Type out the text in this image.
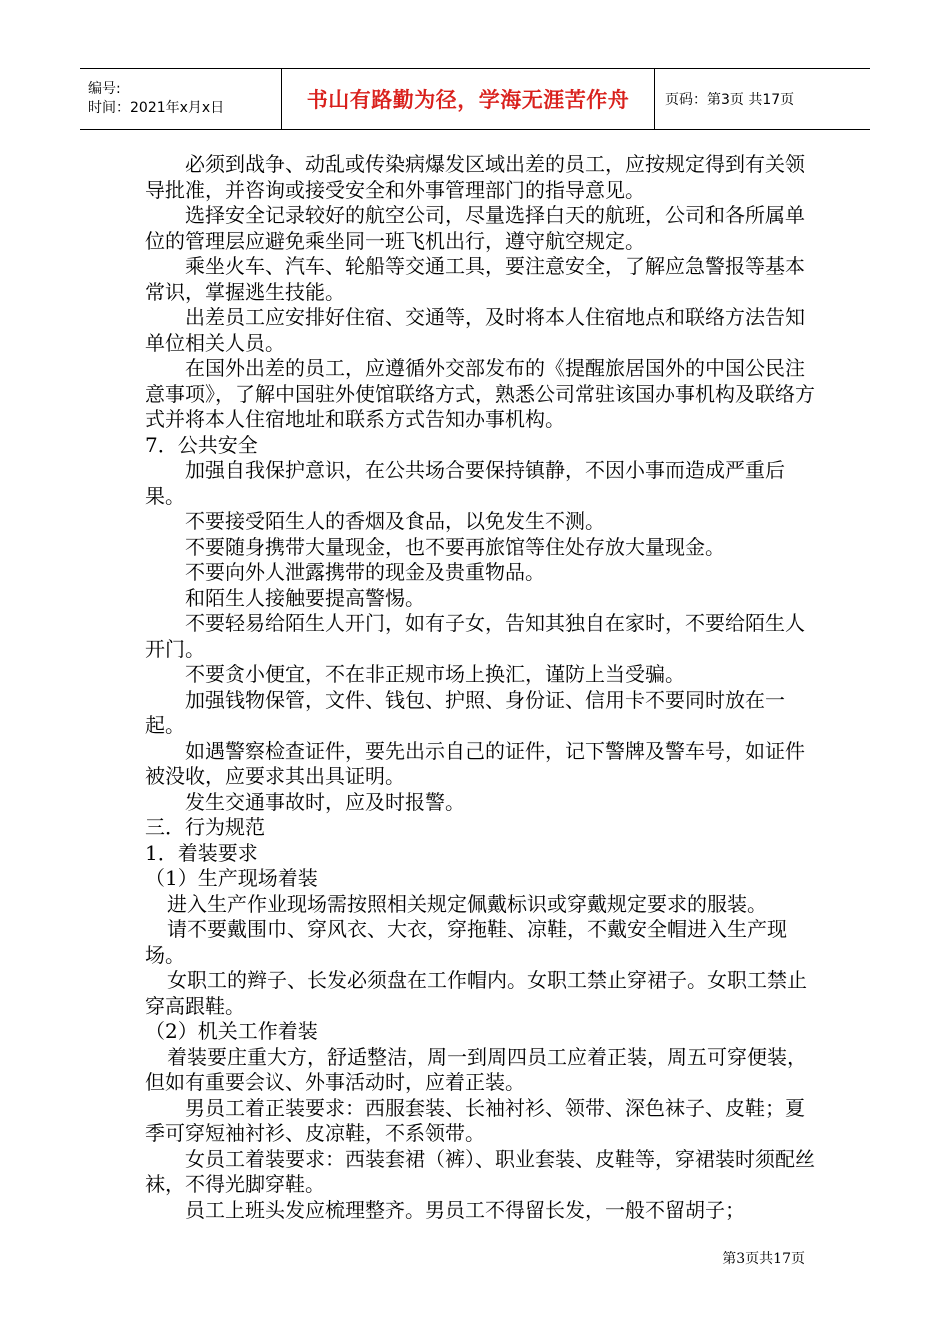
编号:
时间：2021年x月x日	书山有路勤为径，学海无涯苦作舟	页码：第3页 共17页

必须到战争、动乱或传染病爆发区域出差的员工，应按规定得到有关领导批准，并咨询或接受安全和外事管理部门的指导意见。

选择安全记录较好的航空公司，尽量选择白天的航班，公司和各所属单位的管理层应避免乘坐同一班飞机出行，遵守航空规定。

乘坐火车、汽车、轮船等交通工具，要注意安全，了解应急警报等基本常识，掌握逃生技能。

出差员工应安排好住宿、交通等，及时将本人住宿地点和联络方法告知单位相关人员。

在国外出差的员工，应遵循外交部发布的《提醒旅居国外的中国公民注意事项》，了解中国驻外使馆联络方式，熟悉公司常驻该国办事机构及联络方式并将本人住宿地址和联系方式告知办事机构。

7．公共安全

加强自我保护意识，在公共场合要保持镇静，不因小事而造成严重后果。

不要接受陌生人的香烟及食品，以免发生不测。

不要随身携带大量现金，也不要再旅馆等住处存放大量现金。

不要向外人泄露携带的现金及贵重物品。

和陌生人接触要提高警惕。

不要轻易给陌生人开门，如有子女，告知其独自在家时，不要给陌生人开门。

不要贪小便宜，不在非正规市场上换汇，谨防上当受骗。

加强钱物保管，文件、钱包、护照、身份证、信用卡不要同时放在一起。

如遇警察检查证件，要先出示自己的证件，记下警牌及警车号，如证件被没收，应要求其出具证明。

发生交通事故时，应及时报警。

三．行为规范

1．着装要求

（1）生产现场着装

进入生产作业现场需按照相关规定佩戴标识或穿戴规定要求的服装。

请不要戴围巾、穿风衣、大衣，穿拖鞋、凉鞋，不戴安全帽进入生产现场。

女职工的辫子、长发必须盘在工作帽内。女职工禁止穿裙子。女职工禁止穿高跟鞋。

（2）机关工作着装

着装要庄重大方，舒适整洁，周一到周四员工应着正装，周五可穿便装，但如有重要会议、外事活动时，应着正装。

男员工着正装要求：西服套装、长袖衬衫、领带、深色袜子、皮鞋；夏季可穿短袖衬衫、皮凉鞋，不系领带。

女员工着装要求：西装套裙（裤）、职业套装、皮鞋等，穿裙装时须配丝袜，不得光脚穿鞋。

员工上班头发应梳理整齐。男员工不得留长发，一般不留胡子；

第3页共17页
